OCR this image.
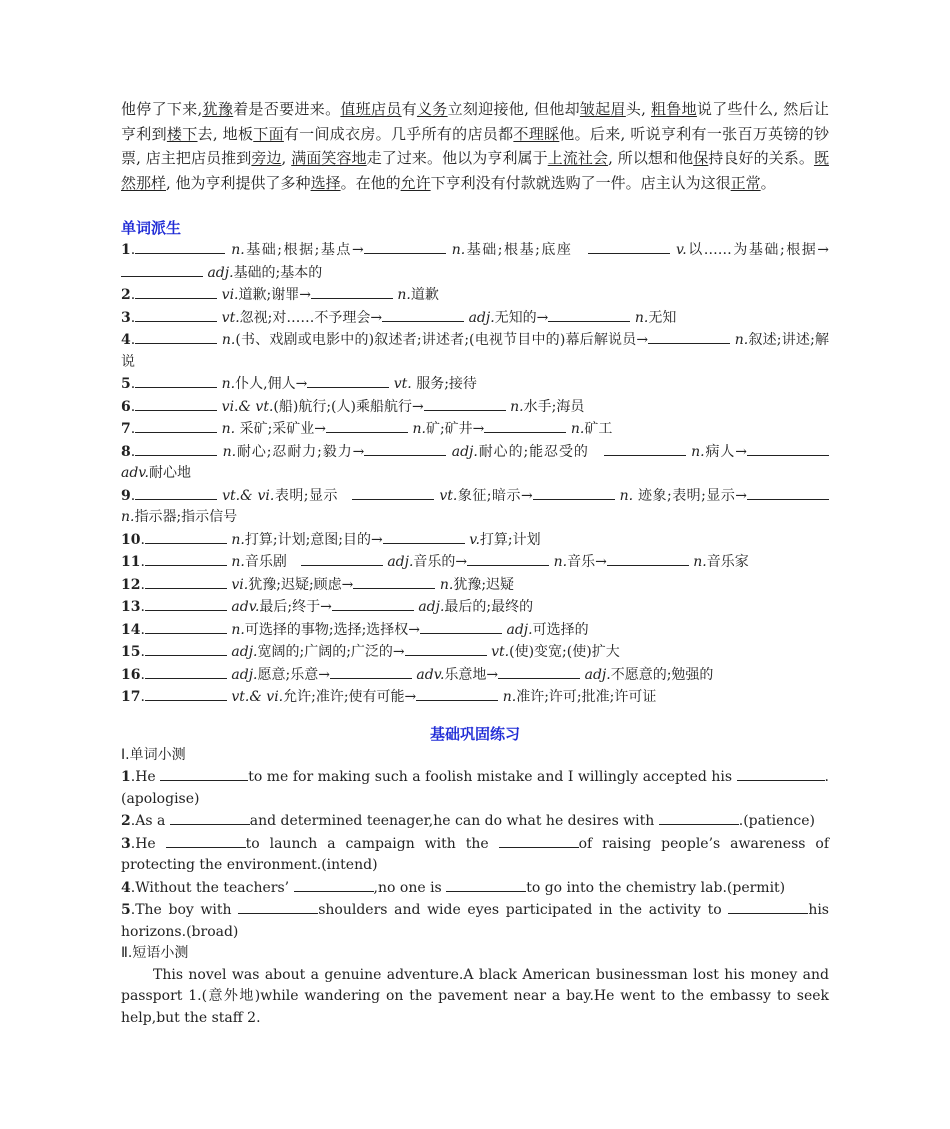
他停了下来,犹豫着是否要进来。值班店员有义务立刻迎接他, 但他却皱起眉头, 粗鲁地说了些什么, 然后让亨利到楼下去, 地板下面有一间成衣房。几乎所有的店员都不理睬他。后来, 听说亨利有一张百万英镑的钞票, 店主把店员推到旁边, 满面笑容地走了过来。他以为亨利属于上流社会, 所以想和他保持良好的关系。既然那样, 他为亨利提供了多种选择。在他的允许下亨利没有付款就选购了一件。店主认为这很正常。

单词派生

1.	n.基础;根据;基点→	n.基础;根基;底座　	v.以……为基础;根据→ adj.基础的;基本的

2.	vi.道歉;谢罪→	n.道歉

3.	vt.忽视;对……不予理会→	adj.无知的→	n.无知

4.	n.(书、戏剧或电影中的)叙述者;讲述者;(电视节目中的)幕后解说员→	n.叙述;讲述;解说

5.	n.仆人,佣人→	vt. 服务;接待

6.	vi.& vt.(船)航行;(人)乘船航行→	n.水手;海员

7.	n. 采矿;采矿业→	n.矿;矿井→	n.矿工

8.	n.耐心;忍耐力;毅力→	adj.耐心的;能忍受的　	n.病人→ adv.耐心地

9.	vt.& vi.表明;显示　	vt.象征;暗示→	n. 迹象;表明;显示→ n.指示器;指示信号

10.	n.打算;计划;意图;目的→	v.打算;计划

11.	n.音乐剧　	adj.音乐的→	n.音乐→	n.音乐家

12.	vi.犹豫;迟疑;顾虑→	n.犹豫;迟疑

13.	adv.最后;终于→	adj.最后的;最终的

14.	n.可选择的事物;选择;选择权→	adj.可选择的

15.	adj.宽阔的;广阔的;广泛的→	vt.(使)变宽;(使)扩大

16.	adj.愿意;乐意→	adv.乐意地→	adj.不愿意的;勉强的

17.	vt.& vi.允许;准许;使有可能→	n.准许;许可;批准;许可证

基础巩固练习

Ⅰ.单词小测

1.He	to me for making such a foolish mistake and I willingly accepted his	.(apologise)

2.As a	and determined teenager,he can do what he desires with	.(patience)

3.He	to launch a campaign with the	of raising people’s awareness of protecting the environment.(intend)

4.Without the teachers’	,no one is	to go into the chemistry lab.(permit)

5.The boy with	shoulders and wide eyes participated in the activity to	his horizons.(broad)

Ⅱ.短语小测

This novel was about a genuine adventure.A black American businessman lost his money and passport 1.(意外地)while wandering on the pavement near a bay.He went to the embassy to seek help,but the staff 2.
